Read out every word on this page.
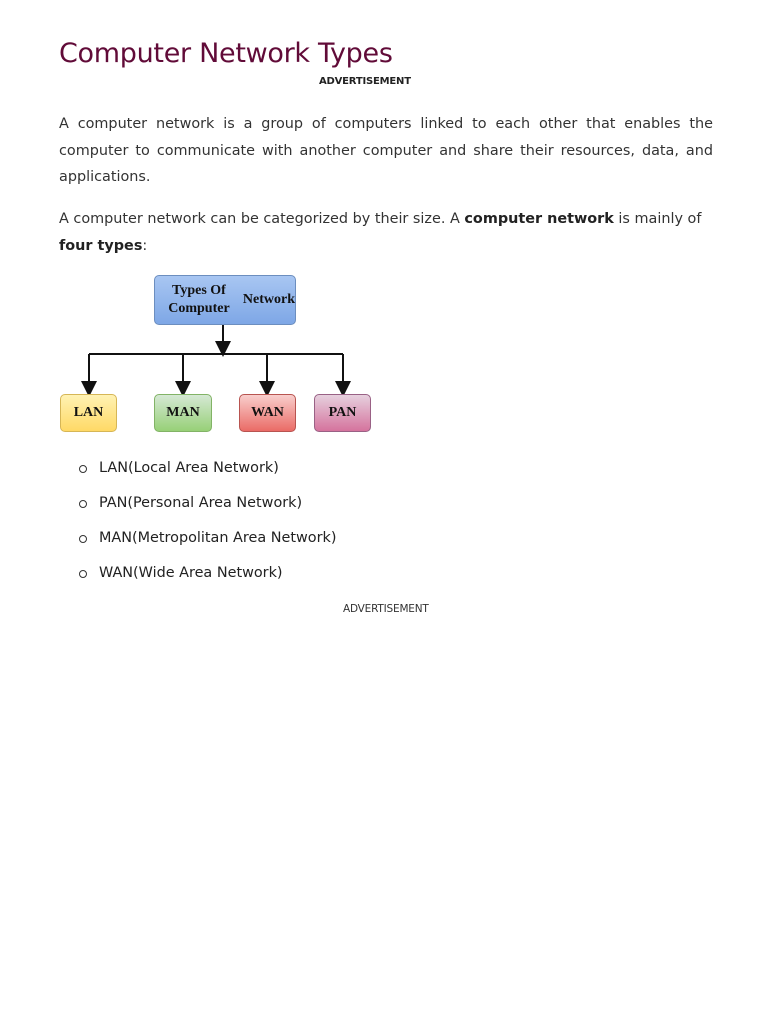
Computer Network Types
ADVERTISEMENT

A computer network is a group of computers linked to each other that enables the computer to communicate with another computer and share their resources, data, and applications.

A computer network can be categorized by their size. A computer network is mainly of four types:

Types Of Computer

Network
LAN	MAN	WAN	PAN
LAN(Local Area Network)
PAN(Personal Area Network)
MAN(Metropolitan Area Network)
WAN(Wide Area Network)
ADVERTISEMENT
